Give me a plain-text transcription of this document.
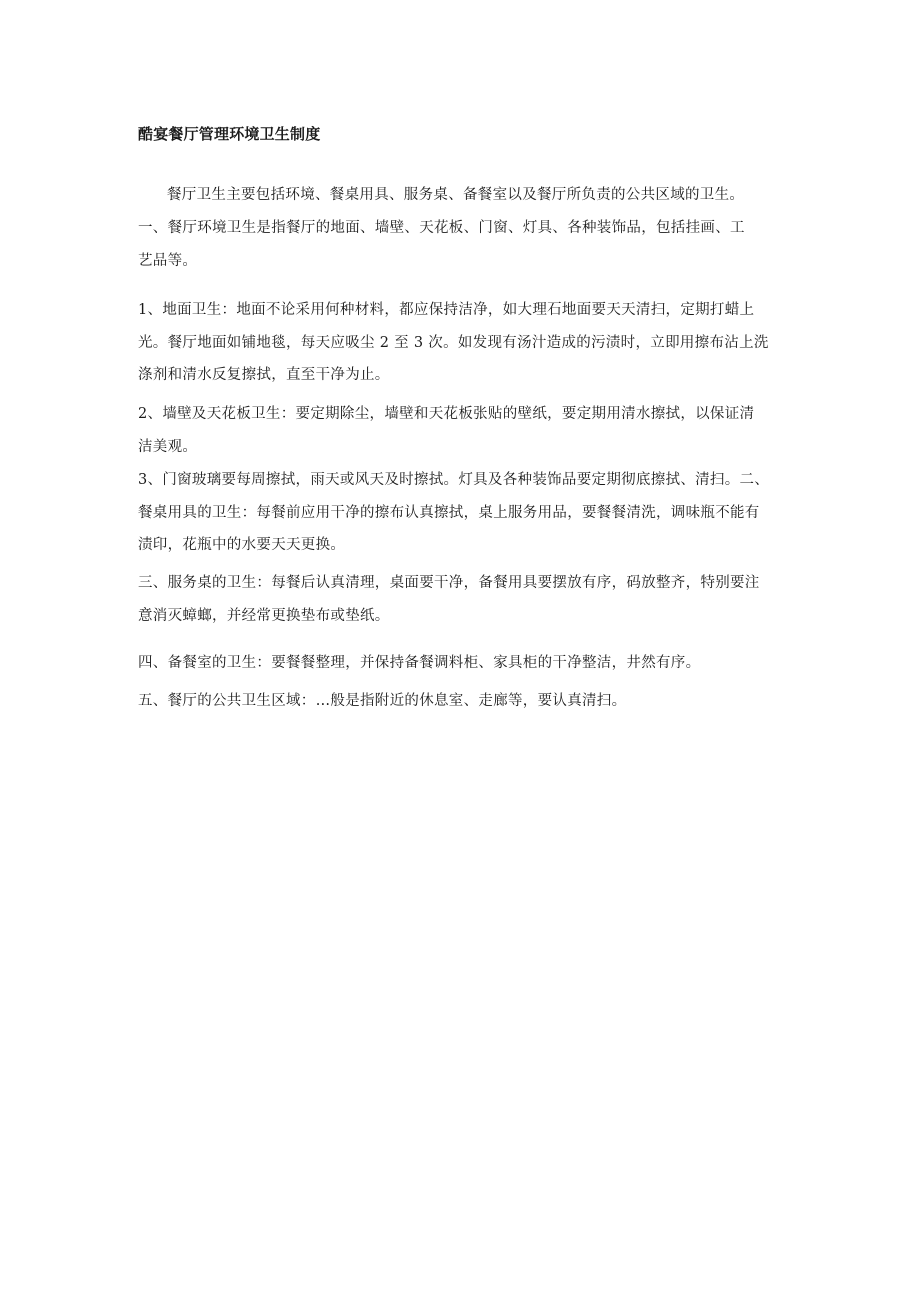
酷宴餐厅管理环境卫生制度

餐厅卫生主要包括环境、餐桌用具、服务桌、备餐室以及餐厅所负责的公共区域的卫生。

一、餐厅环境卫生是指餐厅的地面、墙壁、天花板、门窗、灯具、各种装饰品，包括挂画、工
艺品等。

1、地面卫生：地面不论采用何种材料，都应保持洁净，如大理石地面要天天清扫，定期打蜡上
光。餐厅地面如铺地毯，每天应吸尘 2 至 3 次。如发现有汤汁造成的污渍时，立即用擦布沾上洗
涤剂和清水反复擦拭，直至干净为止。

2、墙壁及天花板卫生：要定期除尘，墙壁和天花板张贴的壁纸，要定期用清水擦拭，以保证清
洁美观。

3、门窗玻璃要每周擦拭，雨天或风天及时擦拭。灯具及各种装饰品要定期彻底擦拭、清扫。二、
餐桌用具的卫生：每餐前应用干净的擦布认真擦拭，桌上服务用品，要餐餐清洗，调味瓶不能有
渍印，花瓶中的水要天天更换。

三、服务桌的卫生：每餐后认真清理，桌面要干净，备餐用具要摆放有序，码放整齐，特别要注
意消灭蟑螂，并经常更换垫布或垫纸。

四、备餐室的卫生：要餐餐整理，并保持备餐调料柜、家具柜的干净整洁，井然有序。

五、餐厅的公共卫生区域：…般是指附近的休息室、走廊等，要认真清扫。
